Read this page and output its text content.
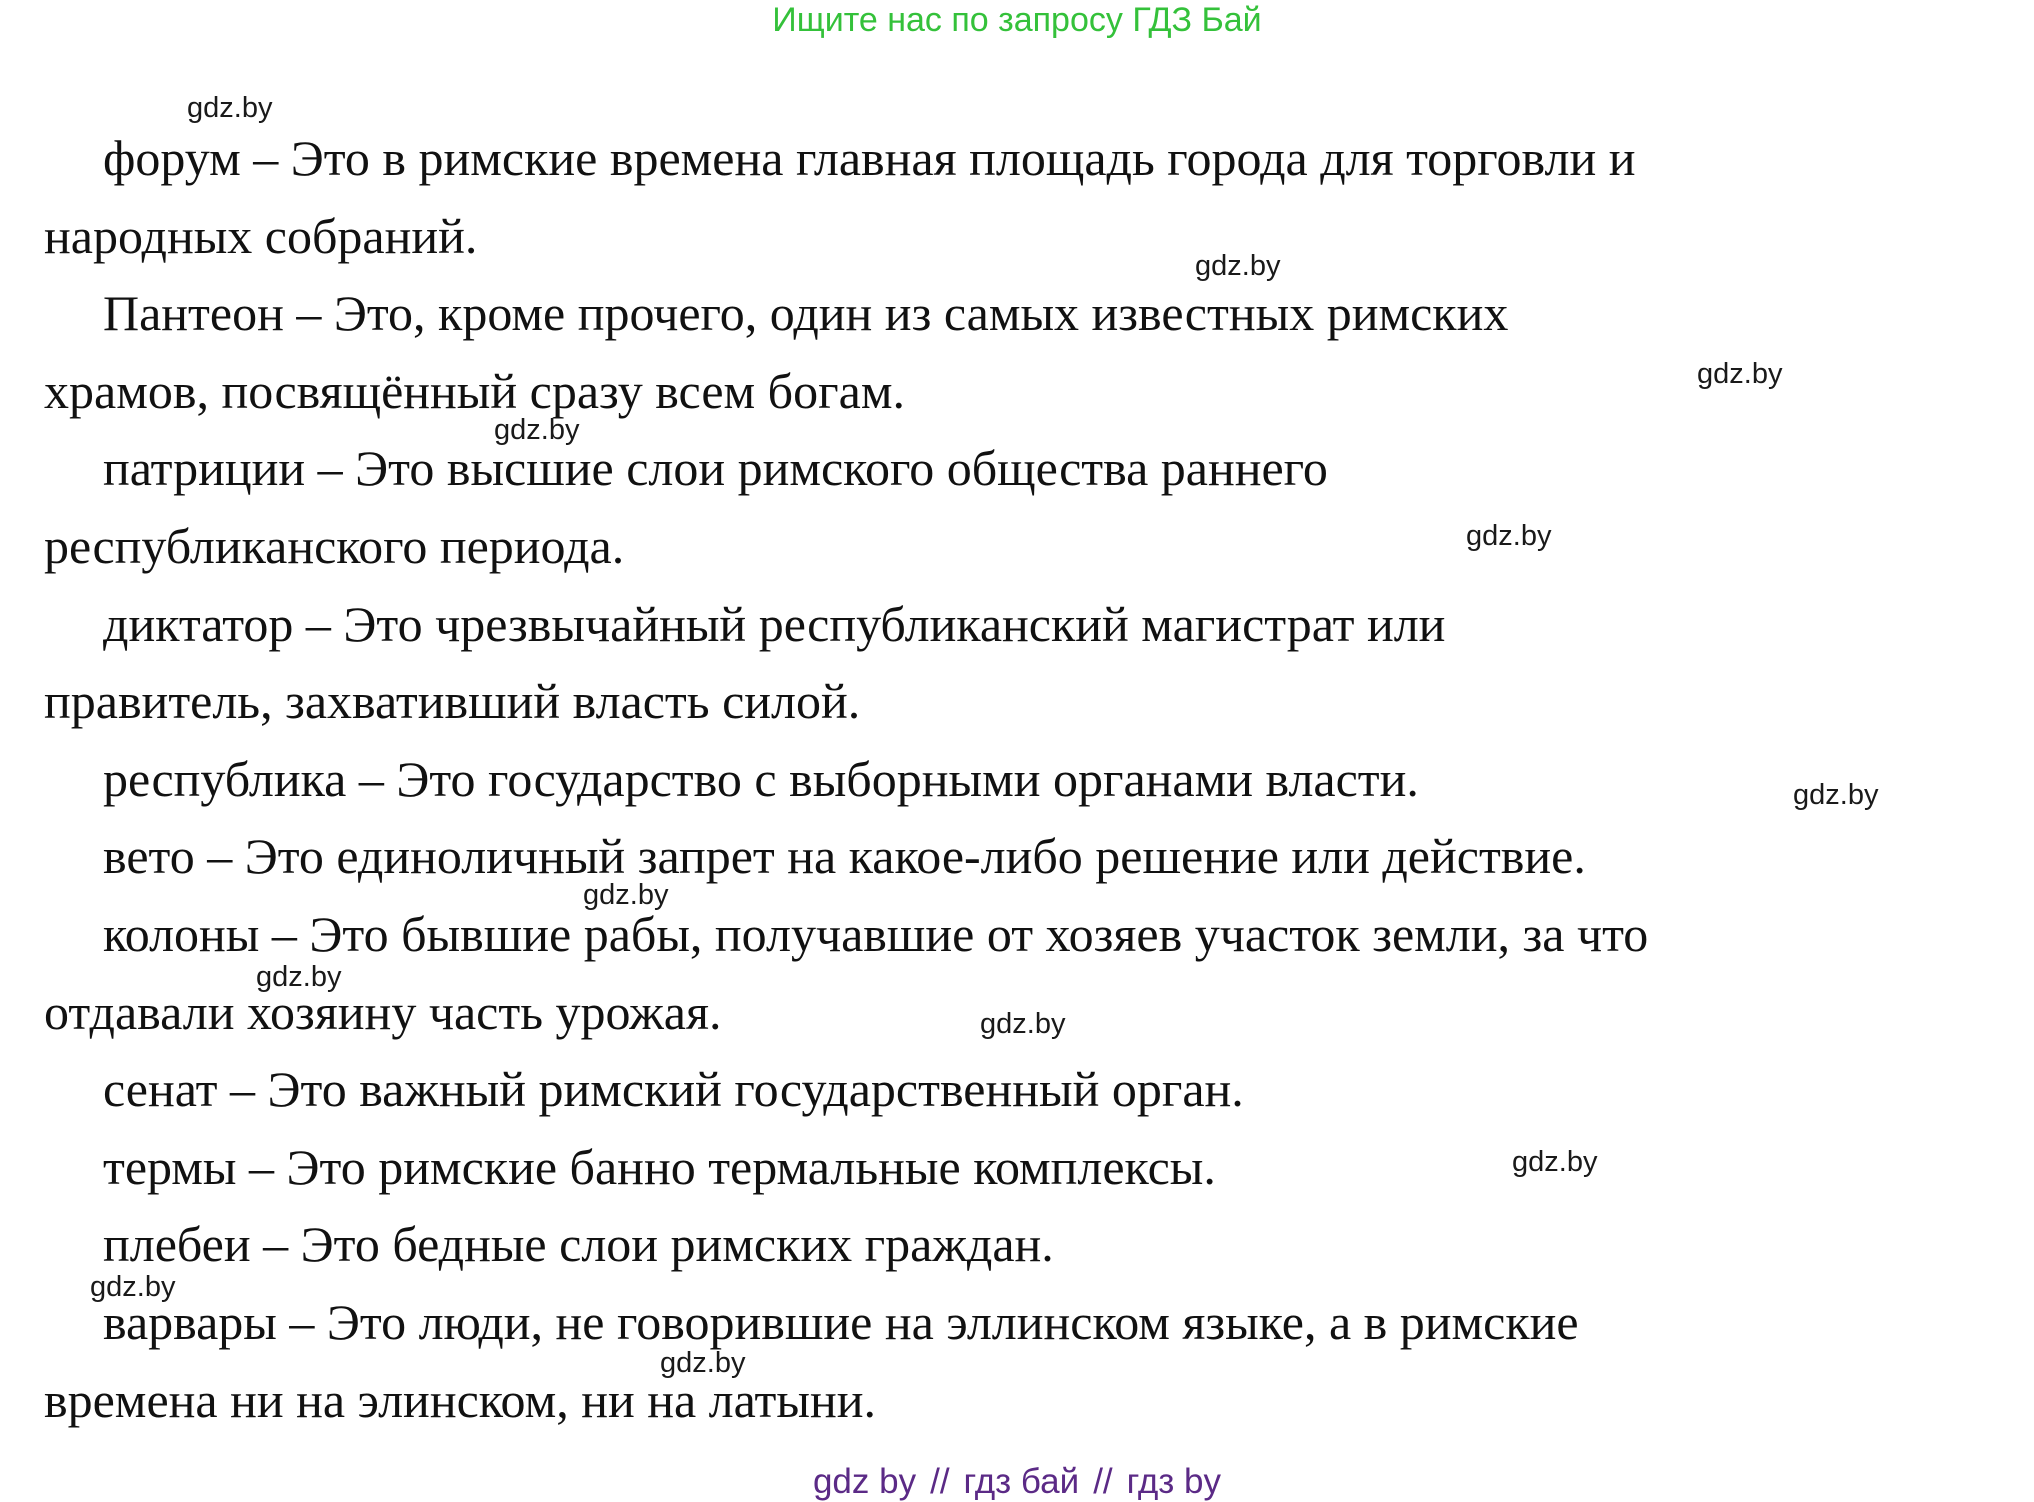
Ищите нас по запросу ГДЗ Бай

форум – Это в римские времена главная площадь города для торговли и
народных собраний.

Пантеон – Это, кроме прочего, один из самых известных римских
храмов, посвящённый сразу всем богам.

патриции – Это высшие слои римского общества раннего
республиканского периода.

диктатор – Это чрезвычайный республиканский магистрат или
правитель, захвативший власть силой.

республика – Это государство с выборными органами власти.

вето – Это единоличный запрет на какое-либо решение или действие.

колоны – Это бывшие рабы, получавшие от хозяев участок земли, за что
отдавали хозяину часть урожая.

сенат – Это важный римский государственный орган.

термы – Это римские банно термальные комплексы.

плебеи – Это бедные слои римских граждан.

варвары – Это люди, не говорившие на эллинском языке, а в римские
времена ни на элинском, ни на латыни.

gdz.by
gdz.by
gdz.by
gdz.by
gdz.by
gdz.by
gdz.by
gdz.by
gdz.by
gdz.by
gdz.by
gdz.by
gdz by // гдз бай // гдз by
